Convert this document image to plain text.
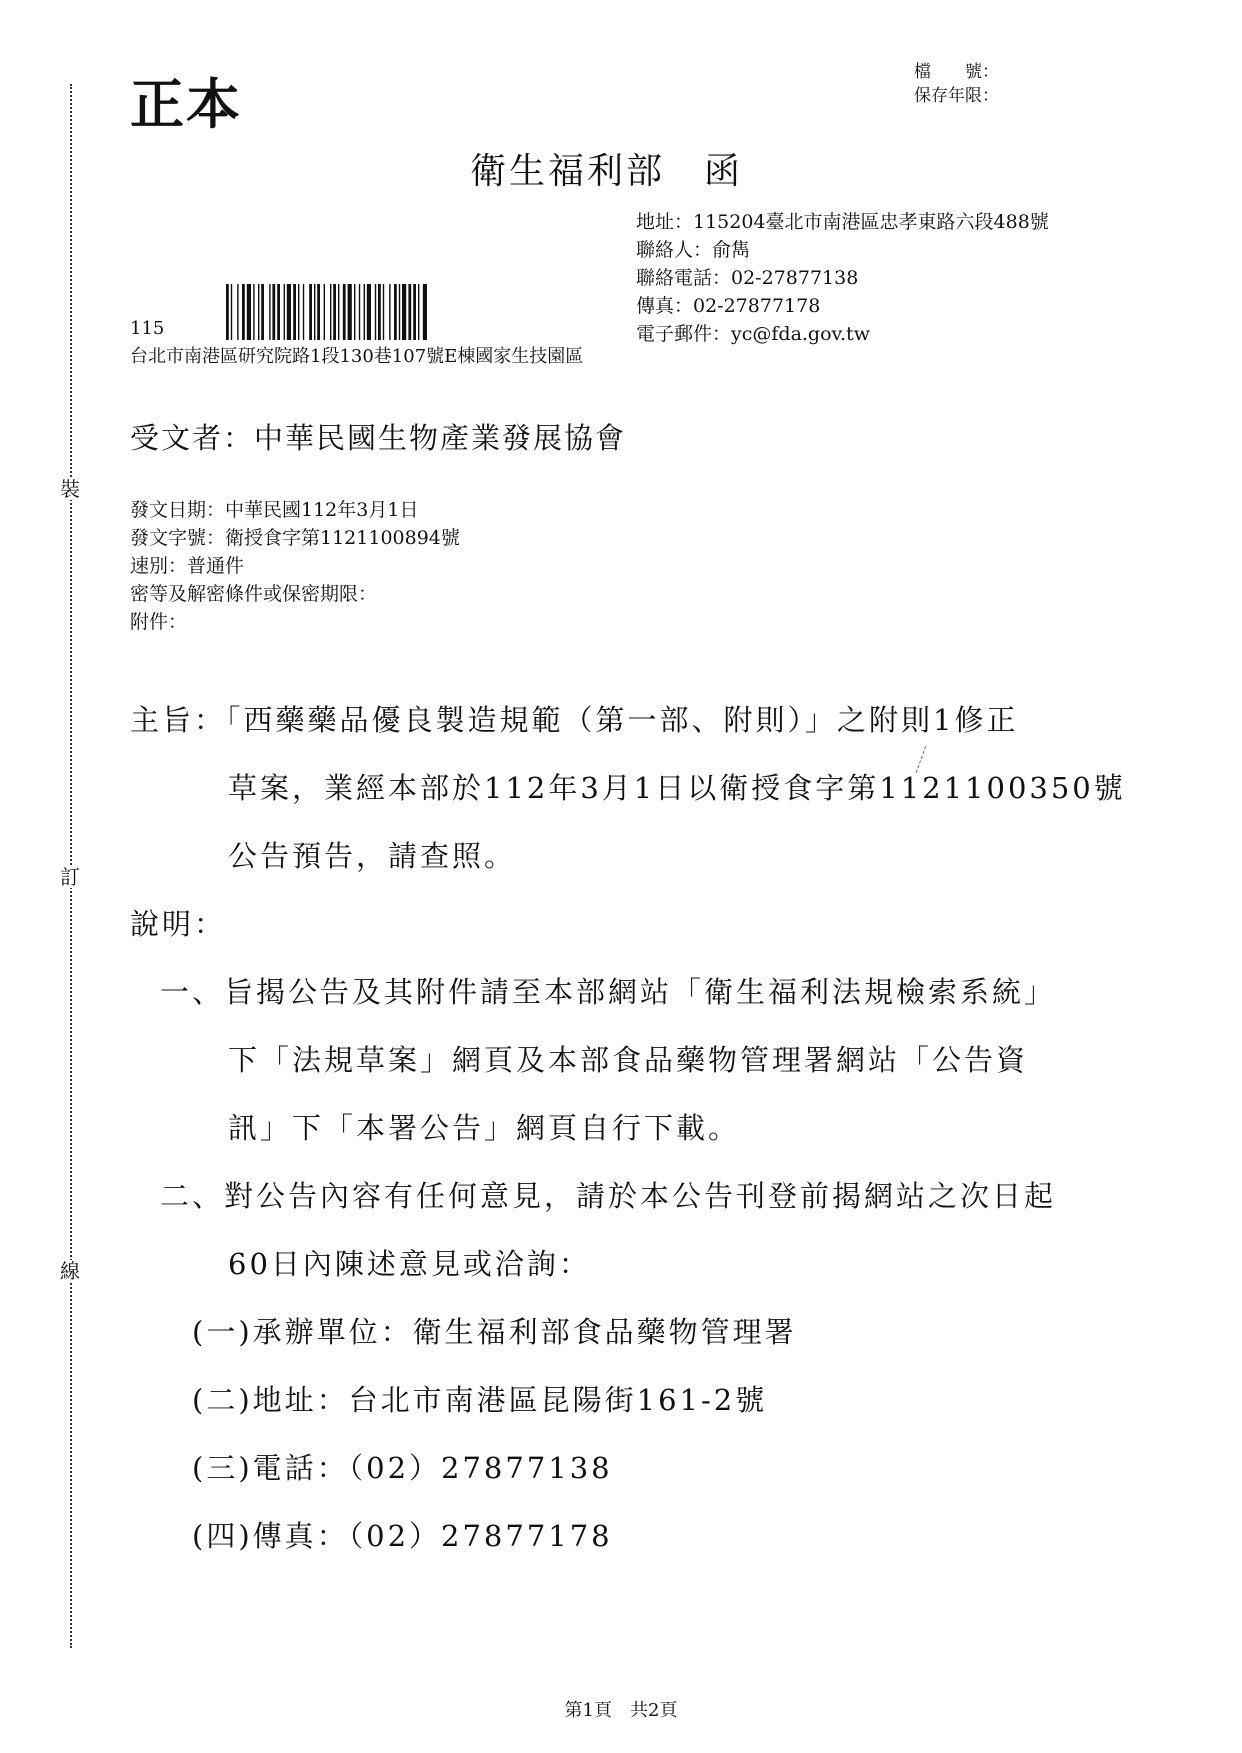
裝
訂
線
正本	檔　　號：
保存年限：
衛生福利部　函
地址：115204臺北市南港區忠孝東路六段488號
聯絡人：俞雋
聯絡電話：02-27877138
傳真：02-27877178
電子郵件：yc@fda.gov.tw
115
台北市南港區研究院路1段130巷107號E棟國家生技園區
受文者：中華民國生物產業發展協會
發文日期：中華民國112年3月1日
發文字號：衛授食字第1121100894號
速別：普通件
密等及解密條件或保密期限：
附件：
主旨：「西藥藥品優良製造規範（第一部、附則）」之附則1修正
草案，業經本部於112年3月1日以衛授食字第1121100350號
公告預告，請查照。
說明：
一、旨揭公告及其附件請至本部網站「衛生福利法規檢索系統」
下「法規草案」網頁及本部食品藥物管理署網站「公告資
訊」下「本署公告」網頁自行下載。
二、對公告內容有任何意見，請於本公告刊登前揭網站之次日起
60日內陳述意見或洽詢：
(一)承辦單位：衛生福利部食品藥物管理署
(二)地址：台北市南港區昆陽街161-2號
(三)電話：（02）27877138
(四)傳真：（02）27877178
第1頁　共2頁
